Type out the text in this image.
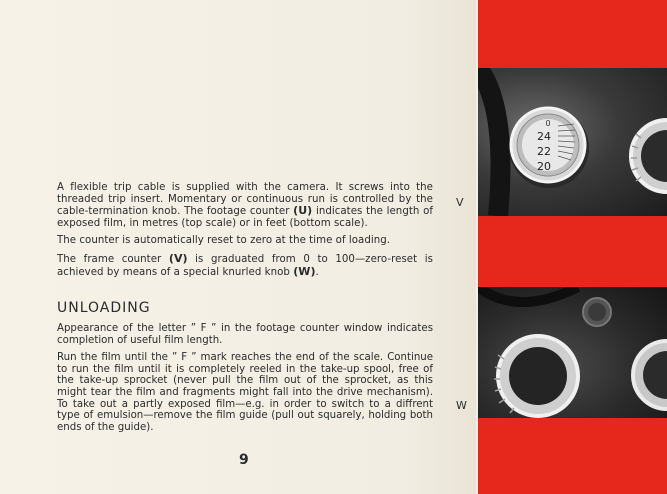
A flexible trip cable is supplied with the camera. It screws into the threaded trip insert. Momentary or continuous run is controlled by the cable-termination knob. The footage counter (U) indicates the length of exposed film, in metres (top scale) or in feet (bottom scale).

The counter is automatically reset to zero at the time of loading.

The frame counter (V) is graduated from 0 to 100—zero-reset is achieved by means of a special knurled knob (W).

UNLOADING

Appearance of the letter ” F ” in the footage counter window indicates completion of useful film length.

Run the film until the ” F ” mark reaches the end of the scale. Continue to run the film until it is completely reeled in the take-up spool, free of the take-up sprocket (never pull the film out of the sprocket, as this might tear the film and fragments might fall into the drive mechanism). To take out a partly exposed film—e.g. in order to switch to a diffrent type of emulsion—remove the film guide (pull out squarely, holding both ends of the guide).

9
V
W
0
24
22
20
